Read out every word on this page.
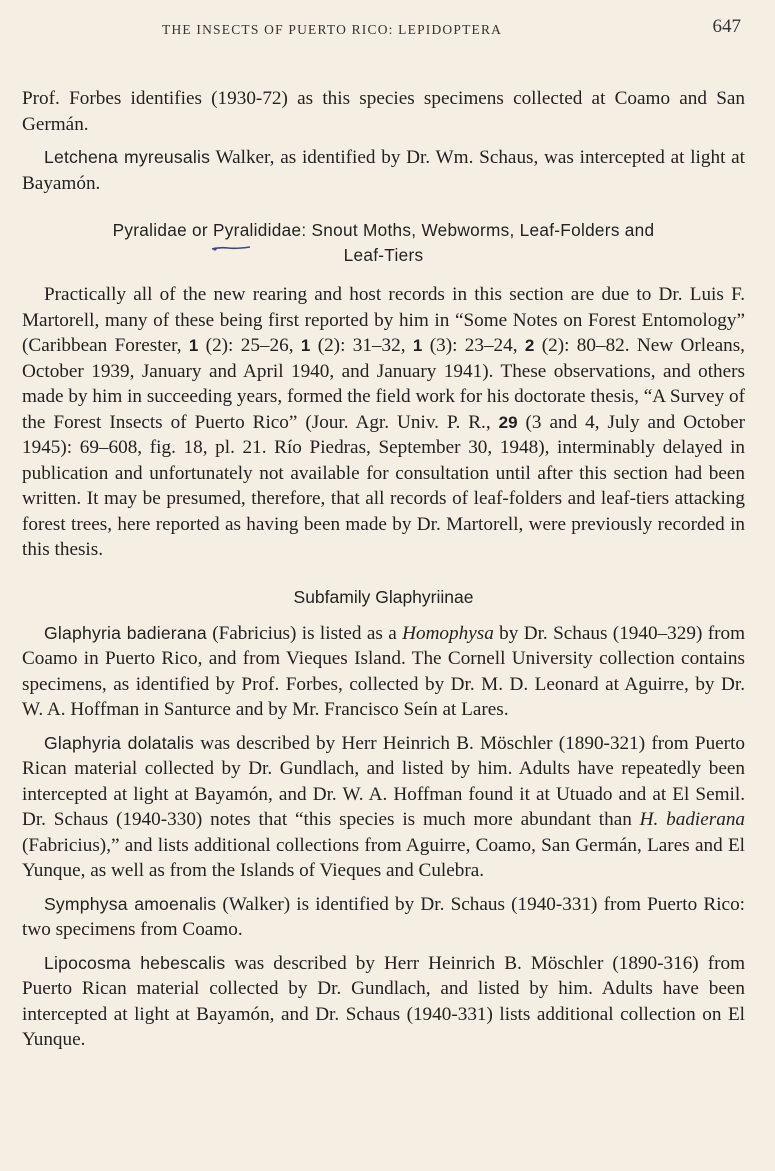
THE INSECTS OF PUERTO RICO: LEPIDOPTERA	647

Prof. Forbes identifies (1930-72) as this species specimens collected at Coamo and San Germán.

Letchena myreusalis Walker, as identified by Dr. Wm. Schaus, was intercepted at light at Bayamón.

Pyralidae or Pyralididae: Snout Moths, Webworms, Leaf-Folders and
Leaf-Tiers

Practically all of the new rearing and host records in this section are due to Dr. Luis F. Martorell, many of these being first reported by him in “Some Notes on Forest Entomology” (Caribbean Forester, 1 (2): 25–26, 1 (2): 31–32, 1 (3): 23–24, 2 (2): 80–82. New Orleans, October 1939, January and April 1940, and January 1941). These observations, and others made by him in succeeding years, formed the field work for his doctorate thesis, “A Survey of the Forest Insects of Puerto Rico” (Jour. Agr. Univ. P. R., 29 (3 and 4, July and October 1945): 69–608, fig. 18, pl. 21. Río Piedras, September 30, 1948), interminably delayed in publication and unfortunately not available for consultation until after this section had been written. It may be presumed, therefore, that all records of leaf-folders and leaf-tiers attacking forest trees, here reported as having been made by Dr. Martorell, were previously recorded in this thesis.

Subfamily Glaphyriinae

Glaphyria badierana (Fabricius) is listed as a Homophysa by Dr. Schaus (1940–329) from Coamo in Puerto Rico, and from Vieques Island. The Cornell University collection contains specimens, as identified by Prof. Forbes, collected by Dr. M. D. Leonard at Aguirre, by Dr. W. A. Hoffman in Santurce and by Mr. Francisco Seín at Lares.

Glaphyria dolatalis was described by Herr Heinrich B. Möschler (1890-321) from Puerto Rican material collected by Dr. Gundlach, and listed by him. Adults have repeatedly been intercepted at light at Bayamón, and Dr. W. A. Hoffman found it at Utuado and at El Semil. Dr. Schaus (1940-330) notes that “this species is much more abundant than H. badierana (Fabricius),” and lists additional collections from Aguirre, Coamo, San Germán, Lares and El Yunque, as well as from the Islands of Vieques and Culebra.

Symphysa amoenalis (Walker) is identified by Dr. Schaus (1940-331) from Puerto Rico: two specimens from Coamo.

Lipocosma hebescalis was described by Herr Heinrich B. Möschler (1890-316) from Puerto Rican material collected by Dr. Gundlach, and listed by him. Adults have been intercepted at light at Bayamón, and Dr. Schaus (1940-331) lists additional collection on El Yunque.
